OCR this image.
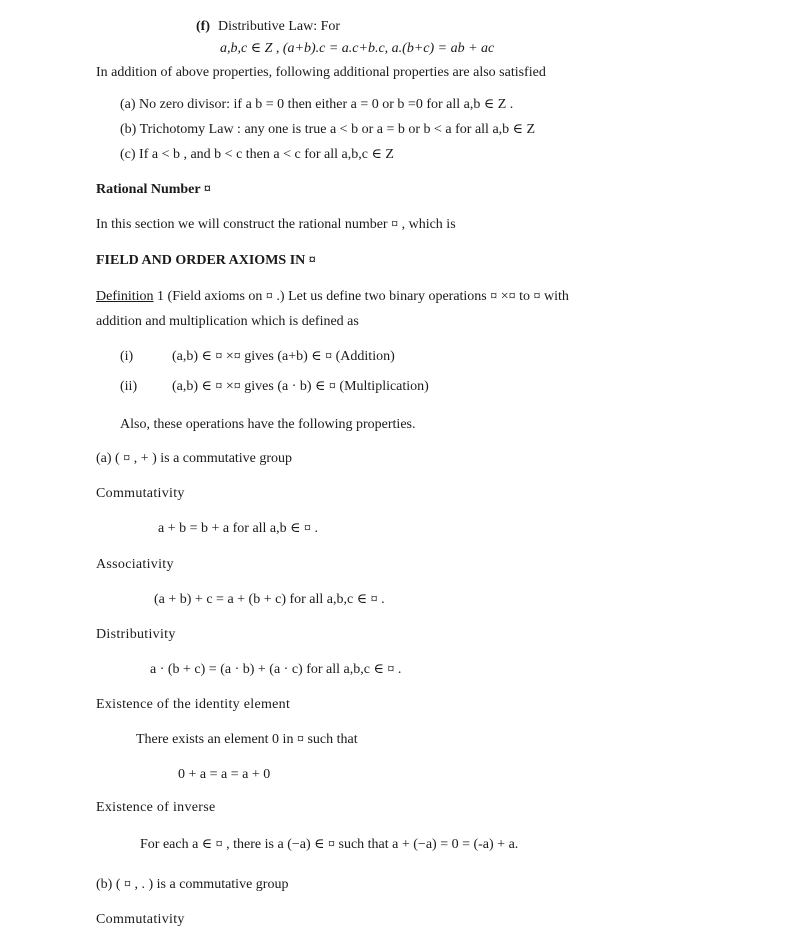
(f) Distributive Law: For
a,b,c ∈ Z , (a+b).c = a.c+b.c, a.(b+c) = ab + ac
In addition of above properties, following additional properties are also satisfied
(a) No zero divisor: if a b = 0 then either a = 0 or b =0 for all a,b ∈ Z .
(b) Trichotomy Law : any one is true a < b or a = b or b < a for all a,b ∈ Z
(c) If a < b , and b < c then a < c for all a,b,c ∈ Z
Rational Number ¤
In this section we will construct the rational number ¤ , which is
FIELD AND ORDER AXIOMS IN ¤
Definition 1 (Field axioms on ¤ .) Let us define two binary operations ¤ ×¤ to ¤ with
addition and multiplication which is defined as
(i)	(a,b) ∈ ¤ ×¤ gives (a+b) ∈ ¤ (Addition)
(ii) (a,b) ∈ ¤ ×¤ gives (a · b) ∈ ¤ (Multiplication)
Also, these operations have the following properties.
(a) ( ¤ , + ) is a commutative group
Commutativity
a + b = b + a for all a,b ∈ ¤ .
Associativity
(a + b) + c = a + (b + c) for all a,b,c ∈ ¤ .
Distributivity
a · (b + c) = (a · b) + (a · c) for all a,b,c ∈ ¤ .
Existence of the identity element
There exists an element 0 in ¤ such that
0 + a = a = a + 0
Existence of inverse
For each a ∈ ¤ , there is a (−a) ∈ ¤ such that a + (−a) = 0 = (-a) + a.
(b) ( ¤ , . ) is a commutative group
Commutativity
